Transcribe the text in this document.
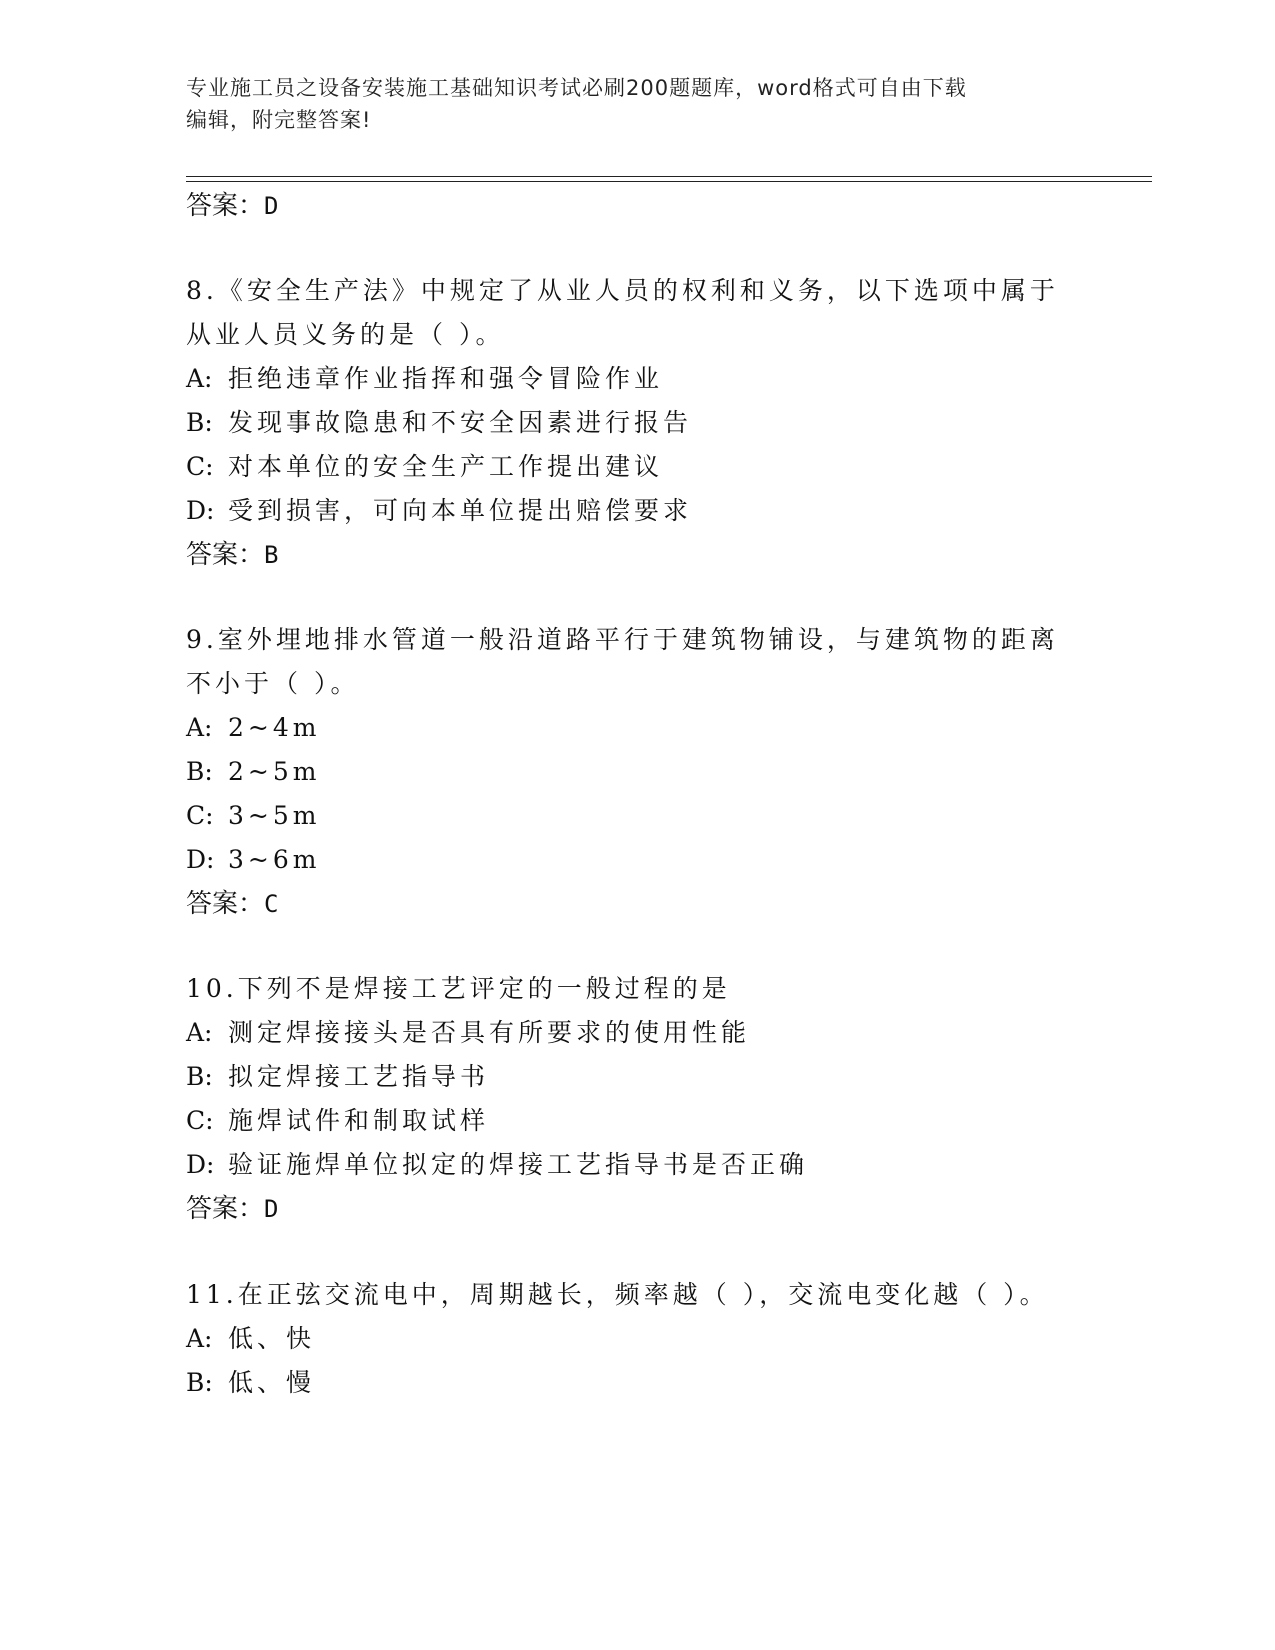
专业施工员之设备安装施工基础知识考试必刷200题题库，word格式可自由下载
编辑，附完整答案!
答案：D
8.《安全生产法》中规定了从业人员的权利和义务，以下选项中属于
从业人员义务的是（ ）。
A: 拒绝违章作业指挥和强令冒险作业
B: 发现事故隐患和不安全因素进行报告
C: 对本单位的安全生产工作提出建议
D: 受到损害，可向本单位提出赔偿要求
答案：B
9.室外埋地排水管道一般沿道路平行于建筑物铺设，与建筑物的距离
不小于（ ）。
A: 2~4m
B: 2~5m
C: 3~5m
D: 3~6m
答案：C
10.下列不是焊接工艺评定的一般过程的是
A: 测定焊接接头是否具有所要求的使用性能
B: 拟定焊接工艺指导书
C: 施焊试件和制取试样
D: 验证施焊单位拟定的焊接工艺指导书是否正确
答案：D
11.在正弦交流电中，周期越长，频率越（ ），交流电变化越（ ）。
A: 低、快
B: 低、慢
